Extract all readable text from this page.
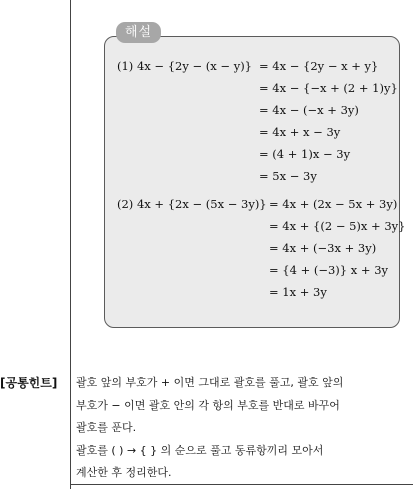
해설
(1) 4x − {2y − (x − y)} = 4x − {2y − x + y}
= 4x − {−x + (2 + 1)y}
= 4x − (−x + 3y)
= 4x + x − 3y
= (4 + 1)x − 3y
= 5x − 3y
(2) 4x + {2x − (5x − 3y)} = 4x + (2x − 5x + 3y)
= 4x + {(2 − 5)x + 3y}
= 4x + (−3x + 3y)
= {4 + (−3)} x + 3y
= 1x + 3y
[공통힌트] 괄호 앞의 부호가 + 이면 그대로 괄호를 풀고, 괄호 앞의
부호가 − 이면 괄호 안의 각 항의 부호를 반대로 바꾸어
괄호를 푼다.
괄호를 ( ) → { } 의 순으로 풀고 동류항끼리 모아서
계산한 후 정리한다.
